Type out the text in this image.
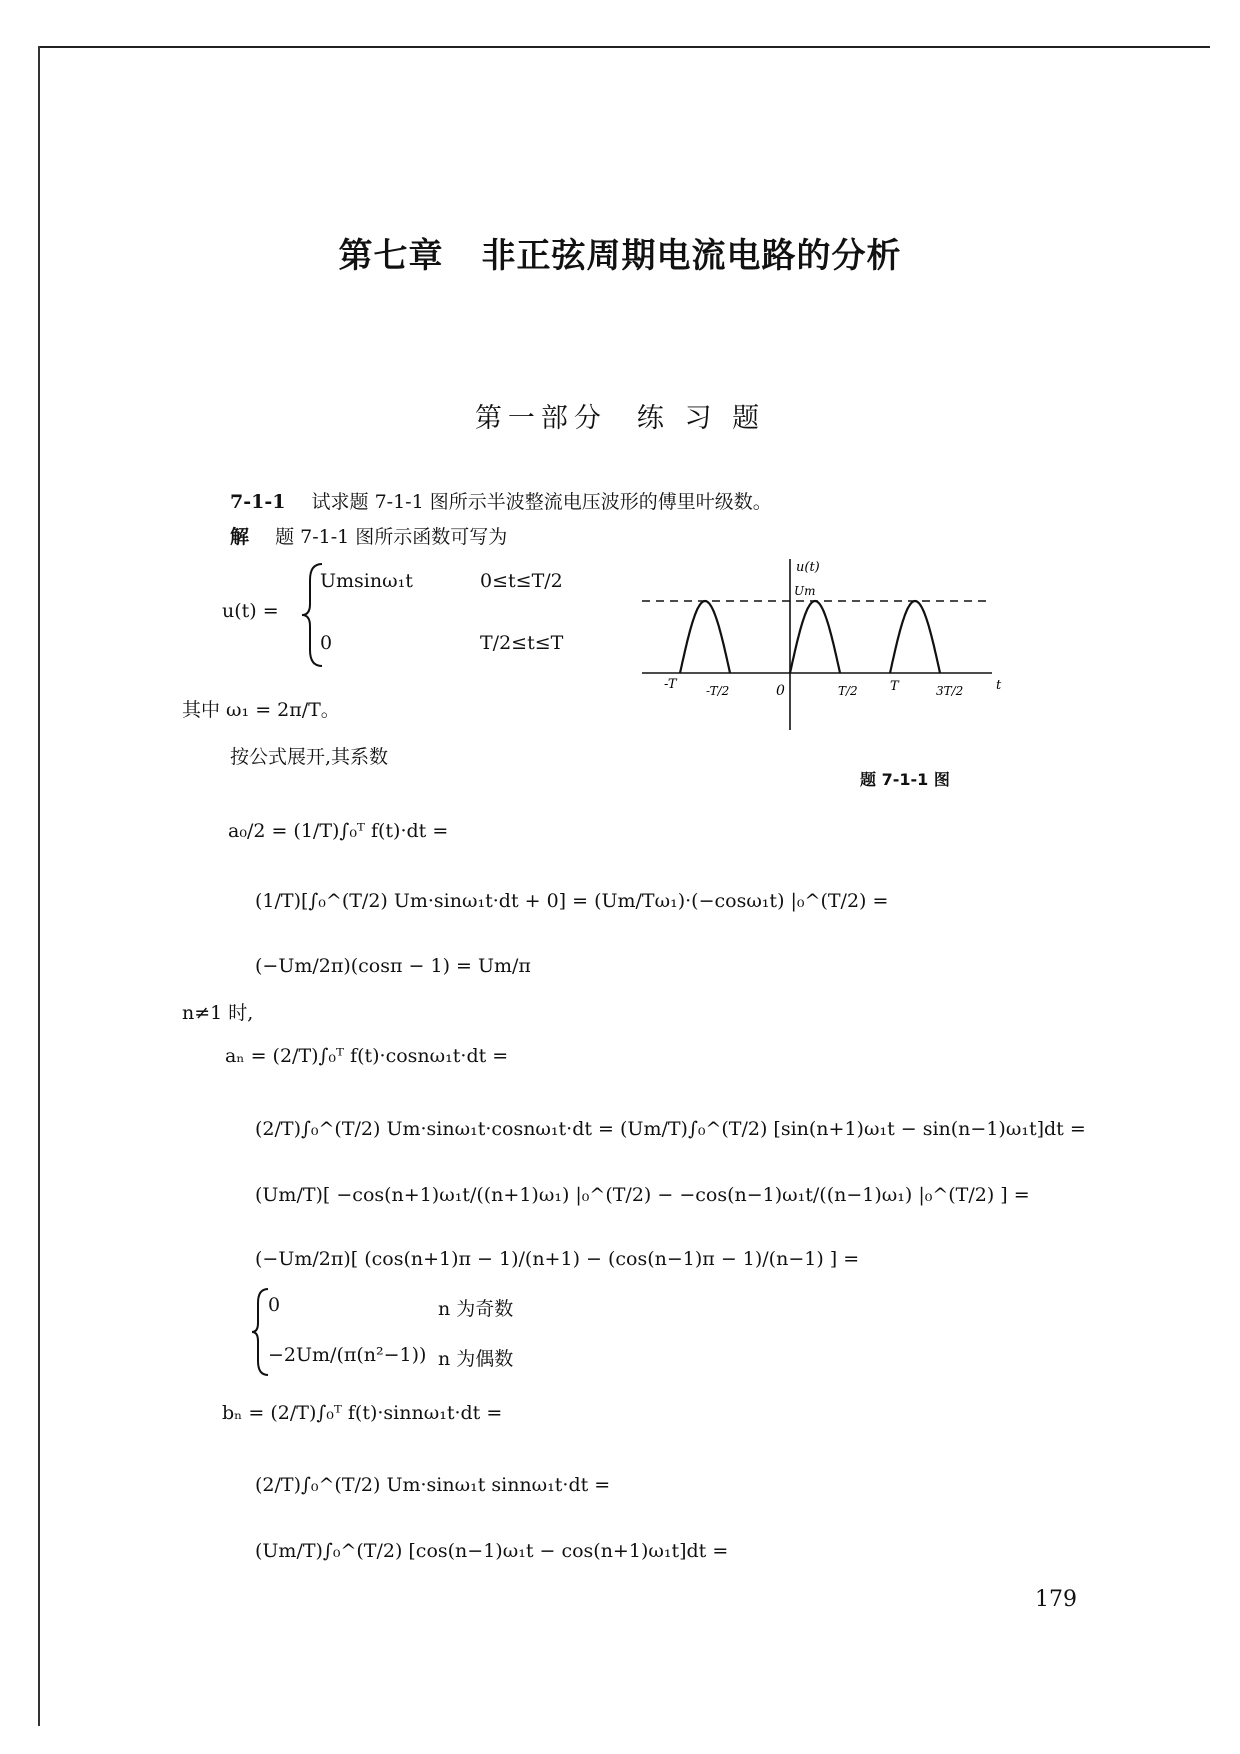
第七章 非正弦周期电流电路的分析
第一部分 练 习 题
7-1-1 试求题 7-1-1 图所示半波整流电压波形的傅里叶级数。
解 题 7-1-1 图所示函数可写为
u(t) =
Umsinω₁t	0≤t≤T/2
0	T/2≤t≤T
其中 ω₁ = 2π/T。
按公式展开,其系数
u(t)
Um
t
-T -T/2	0	T/2 T	3T/2
题 7-1-1 图
a₀/2 = (1/T)∫₀ᵀ f(t)·dt =
(1/T)[∫₀^(T/2) Um·sinω₁t·dt + 0] = (Um/Tω₁)·(−cosω₁t) |₀^(T/2) =
(−Um/2π)(cosπ − 1) = Um/π
n≠1 时,
aₙ = (2/T)∫₀ᵀ f(t)·cosnω₁t·dt =
(2/T)∫₀^(T/2) Um·sinω₁t·cosnω₁t·dt = (Um/T)∫₀^(T/2) [sin(n+1)ω₁t − sin(n−1)ω₁t]dt =
(Um/T)[ −cos(n+1)ω₁t/((n+1)ω₁) |₀^(T/2) − −cos(n−1)ω₁t/((n−1)ω₁) |₀^(T/2) ] =
(−Um/2π)[ (cos(n+1)π − 1)/(n+1) − (cos(n−1)π − 1)/(n−1) ] =
0	n 为奇数
−2Um/(π(n²−1)) n 为偶数
bₙ = (2/T)∫₀ᵀ f(t)·sinnω₁t·dt =
(2/T)∫₀^(T/2) Um·sinω₁t sinnω₁t·dt =
(Um/T)∫₀^(T/2) [cos(n−1)ω₁t − cos(n+1)ω₁t]dt =
179
